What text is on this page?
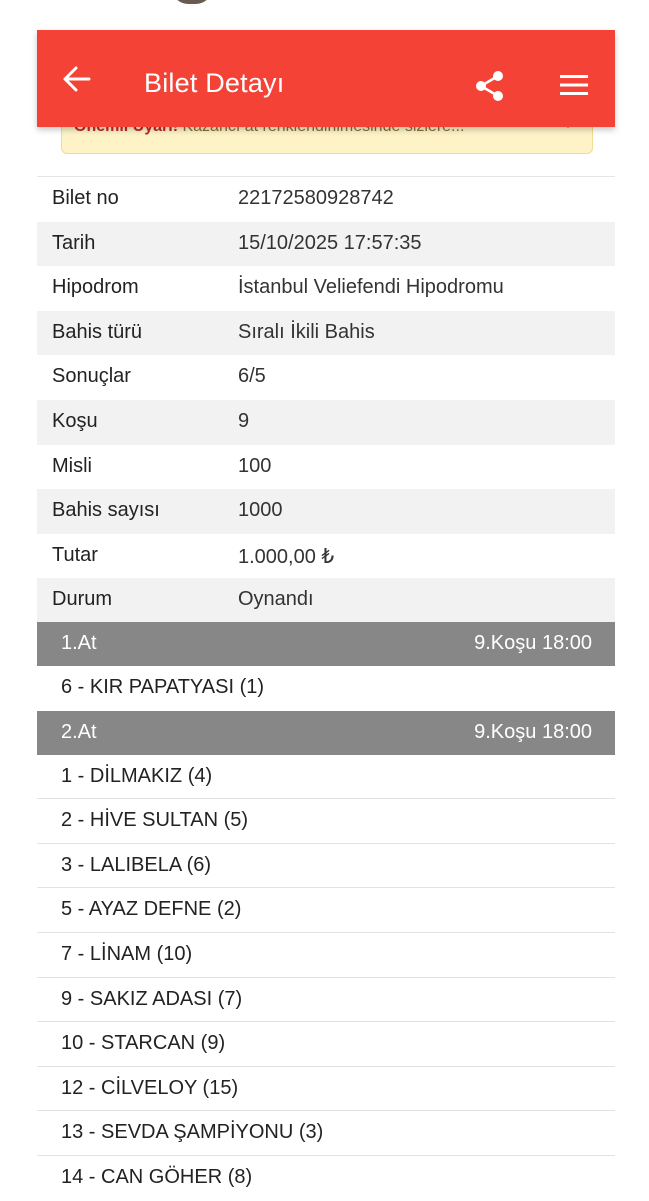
Bilet Detayı
Bilet no	22172580928742
Tarih	15/10/2025 17:57:35
Hipodrom	İstanbul Veliefendi Hipodromu
Bahis türü	Sıralı İkili Bahis
Sonuçlar	6/5
Koşu	9
Misli	100
Bahis sayısı	1000
Tutar	1.000,00 ₺
Durum	Oynandı
1.At	9.Koşu 18:00
6 - KIR PAPATYASI (1)
2.At	9.Koşu 18:00
1 - DİLMAKIZ (4)
2 - HİVE SULTAN (5)
3 - LALIBELA (6)
5 - AYAZ DEFNE (2)
7 - LİNAM (10)
9 - SAKIZ ADASI (7)
10 - STARCAN (9)
12 - CİLVELOY (15)
13 - SEVDA ŞAMPİYONU (3)
14 - CAN GÖHER (8)
